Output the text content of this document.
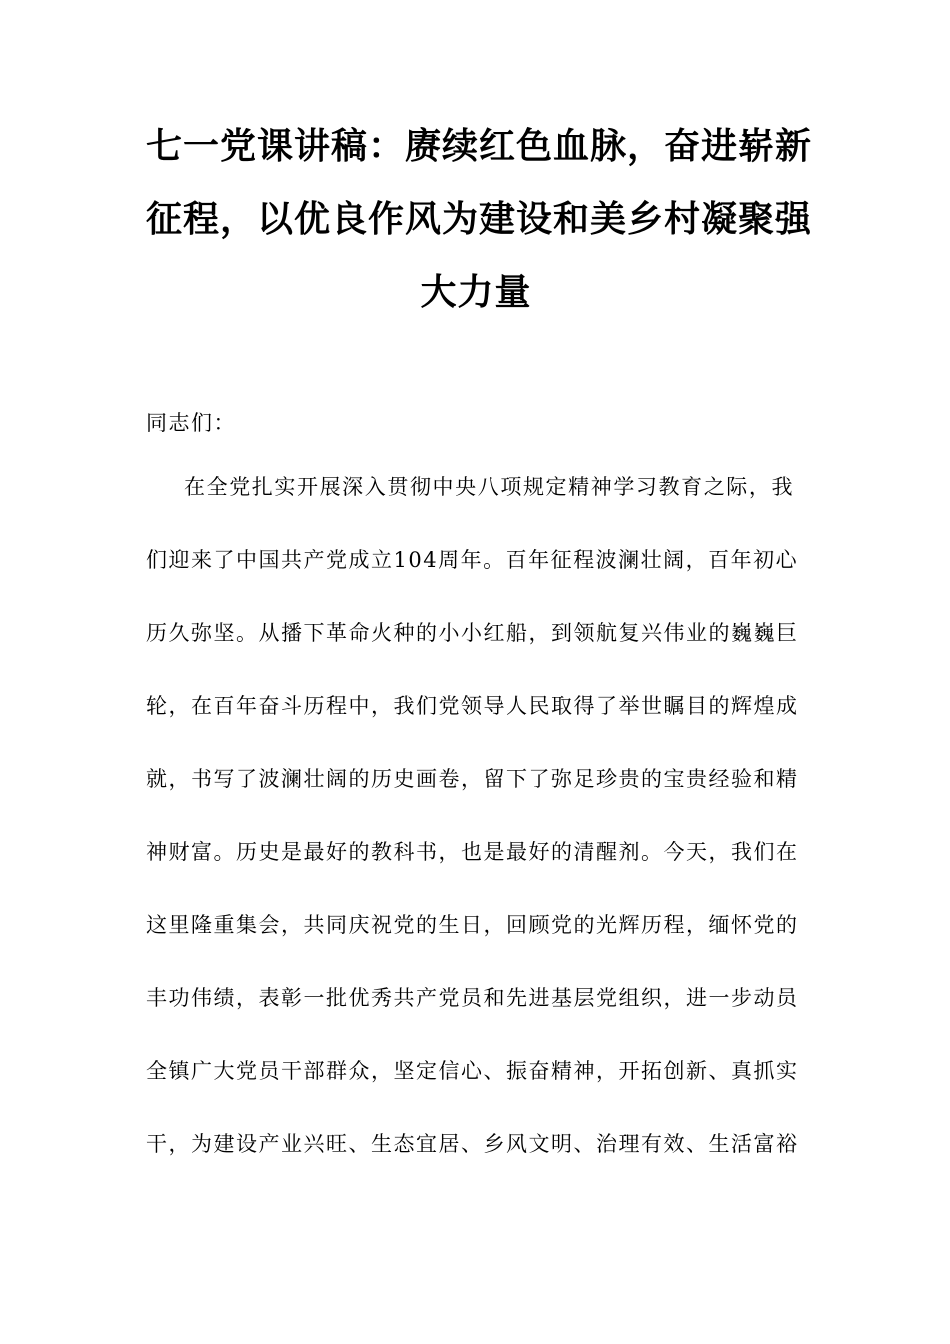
七一党课讲稿：赓续红色血脉，奋进崭新
征程，以优良作风为建设和美乡村凝聚强
大力量

同志们：

在全党扎实开展深入贯彻中央八项规定精神学习教育之际，我
们迎来了中国共产党成立104周年。百年征程波澜壮阔，百年初心
历久弥坚。从播下革命火种的小小红船，到领航复兴伟业的巍巍巨
轮，在百年奋斗历程中，我们党领导人民取得了举世瞩目的辉煌成
就，书写了波澜壮阔的历史画卷，留下了弥足珍贵的宝贵经验和精
神财富。历史是最好的教科书，也是最好的清醒剂。今天，我们在
这里隆重集会，共同庆祝党的生日，回顾党的光辉历程，缅怀党的
丰功伟绩，表彰一批优秀共产党员和先进基层党组织，进一步动员
全镇广大党员干部群众，坚定信心、振奋精神，开拓创新、真抓实
干，为建设产业兴旺、生态宜居、乡风文明、治理有效、生活富裕
